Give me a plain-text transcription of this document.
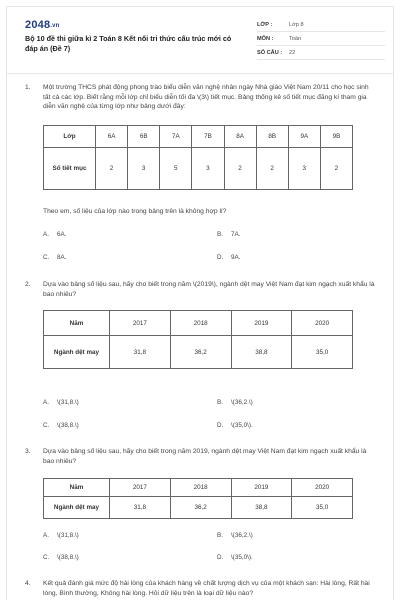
2048.vn
Bộ 10 đề thi giữa kì 2 Toán 8 Kết nối tri thức cấu trúc mới có đáp án (Đề 7)
LỚP :	Lớp 8
MÔN :	Toán
SỐ CÂU :	22
1. Một trường THCS phát động phong trào biểu diễn văn nghệ nhân ngày Nhà giáo Việt Nam 20/11 cho học sinh tất cả các lớp. Biết rằng mỗi lớp chỉ biểu diễn tối đa \(3\) tiết mục. Bảng thống kê số tiết mục đăng kí tham gia diễn văn nghệ của từng lớp như bảng dưới đây:
Lớp	6A	6B	7A	7B	8A	8B	9A	9B
Số tiết mục	2	3	5	3	2	2	3	2
Theo em, số liệu của lớp nào trong bảng trên là không hợp lí?
A. 6A.	B. 7A.
C. 8A.	D. 9A.
2. Dựa vào bảng số liệu sau, hãy cho biết trong năm \(2019\), ngành dệt may Việt Nam đạt kim ngạch xuất khẩu là bao nhiêu?
Năm	2017	2018	2019	2020
Ngành dệt may	31,8	36,2	38,8	35,0
A. \(31,8.\)	B. \(36,2.\)
C. \(38,8.\)	D. \(35,0\).
3. Dựa vào bảng số liệu sau, hãy cho biết trong năm 2019, ngành dệt may Việt Nam đạt kim ngạch xuất khẩu là bao nhiêu?
Năm	2017	2018	2019	2020
Ngành dệt may	31,8	36,2	38,8	35,0
A. \(31,8.\)	B. \(36,2.\)
C. \(38,8.\)	D. \(35,0\).
4. Kết quả đánh giá mức độ hài lòng của khách hàng về chất lượng dịch vụ của một khách sạn: Hài lòng, Rất hài lòng, Bình thường, Không hài lòng. Hỏi dữ liệu trên là loại dữ liệu nào?
